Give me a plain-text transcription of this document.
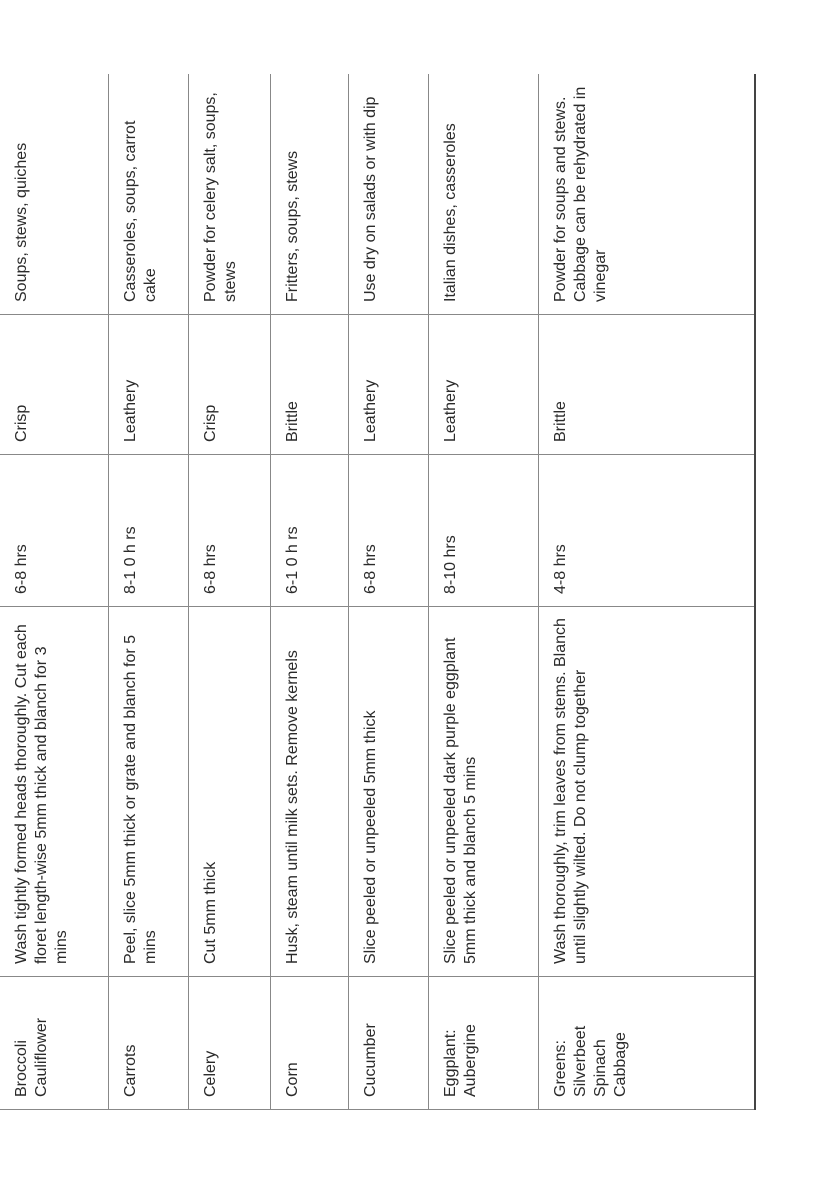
Broccoli
Cauliflower	Wash tightly formed heads thoroughly. Cut each floret length-wise 5mm thick and blanch for 3 mins	6-8 hrs	Crisp	Soups, stews, quiches
Carrots	Peel, slice 5mm thick or grate and blanch for 5 mins	8-1 0 h rs	Leathery	Casseroles, soups, carrot cake
Celery	Cut 5mm thick	6-8 hrs	Crisp	Powder for celery salt, soups, stews
Corn	Husk, steam until milk sets. Remove kernels	6-1 0 h rs	Brittle	Fritters, soups, stews
Cucumber	Slice peeled or unpeeled 5mm thick	6-8 hrs	Leathery	Use dry on salads or with dip
Eggplant:
Aubergine	Slice peeled or unpeeled dark purple eggplant 5mm thick and blanch 5 mins	8-10 hrs	Leathery	Italian dishes, casseroles
Greens:
Silverbeet
Spinach
Cabbage	Wash thoroughly, trim leaves from stems. Blanch until slightly wilted. Do not clump together	4-8 hrs	Brittle	Powder for soups and stews. Cabbage can be rehydrated in vinegar
